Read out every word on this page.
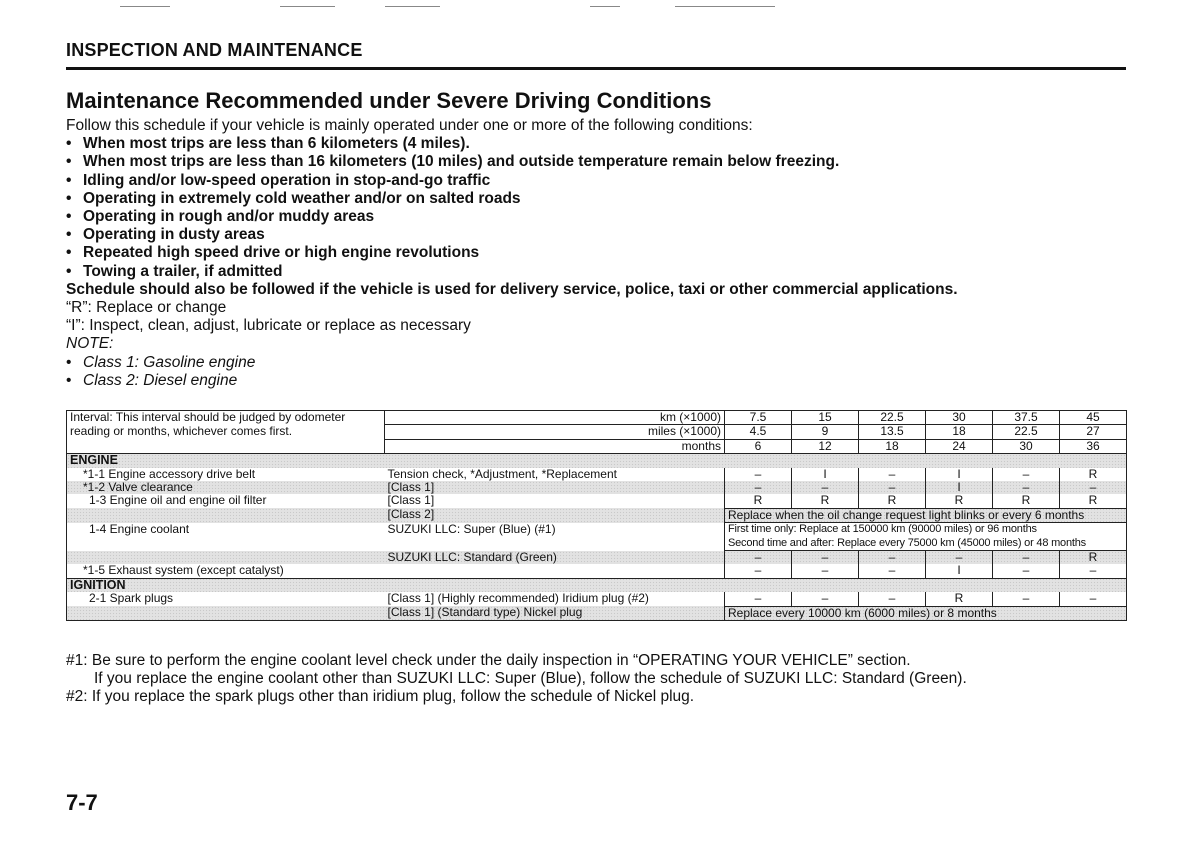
INSPECTION AND MAINTENANCE
Maintenance Recommended under Severe Driving Conditions

Follow this schedule if your vehicle is mainly operated under one or more of the following conditions:

• When most trips are less than 6 kilometers (4 miles).
• When most trips are less than 16 kilometers (10 miles) and outside temperature remain below freezing.
• Idling and/or low-speed operation in stop-and-go traffic
• Operating in extremely cold weather and/or on salted roads
• Operating in rough and/or muddy areas
• Operating in dusty areas
• Repeated high speed drive or high engine revolutions
• Towing a trailer, if admitted

Schedule should also be followed if the vehicle is used for delivery service, police, taxi or other commercial applications.

“R”: Replace or change

“I”: Inspect, clean, adjust, lubricate or replace as necessary

NOTE:

• Class 1: Gasoline engine
• Class 2: Diesel engine
Interval: This interval should be judged by odometer	km (×1000)	7.5	15	22.5	30	37.5	45
reading or months, whichever comes first.	miles (×1000)	4.5	9	13.5	18	22.5	27
	months	6	12	18	24	30	36
ENGINE							
*1-1 Engine accessory drive belt	Tension check, *Adjustment, *Replacement	–	I	–	I	–	R
*1-2 Valve clearance	[Class 1]	–	–	–	I	–	–
1-3 Engine oil and engine oil filter	[Class 1]	R	R	R	R	R	R
	[Class 2]	Replace when the oil change request light blinks or every 6 months					
1-4 Engine coolant	SUZUKI LLC: Super (Blue) (#1)	First time only: Replace at 150000 km (90000 miles) or 96 months
Second time and after: Replace every 75000 km (45000 miles) or 48 months					

	SUZUKI LLC: Standard (Green)	–	–	–	–	–	R
*1-5 Exhaust system (except catalyst)		–	–	–	I	–	–
IGNITION							
2-1 Spark plugs	[Class 1] (Highly recommended) Iridium plug (#2)	–	–	–	R	–	–
	[Class 1] (Standard type) Nickel plug	Replace every 10000 km (6000 miles) or 8 months					

#1: Be sure to perform the engine coolant level check under the daily inspection in “OPERATING YOUR VEHICLE” section.

If you replace the engine coolant other than SUZUKI LLC: Super (Blue), follow the schedule of SUZUKI LLC: Standard (Green).

#2: If you replace the spark plugs other than iridium plug, follow the schedule of Nickel plug.

7-7
